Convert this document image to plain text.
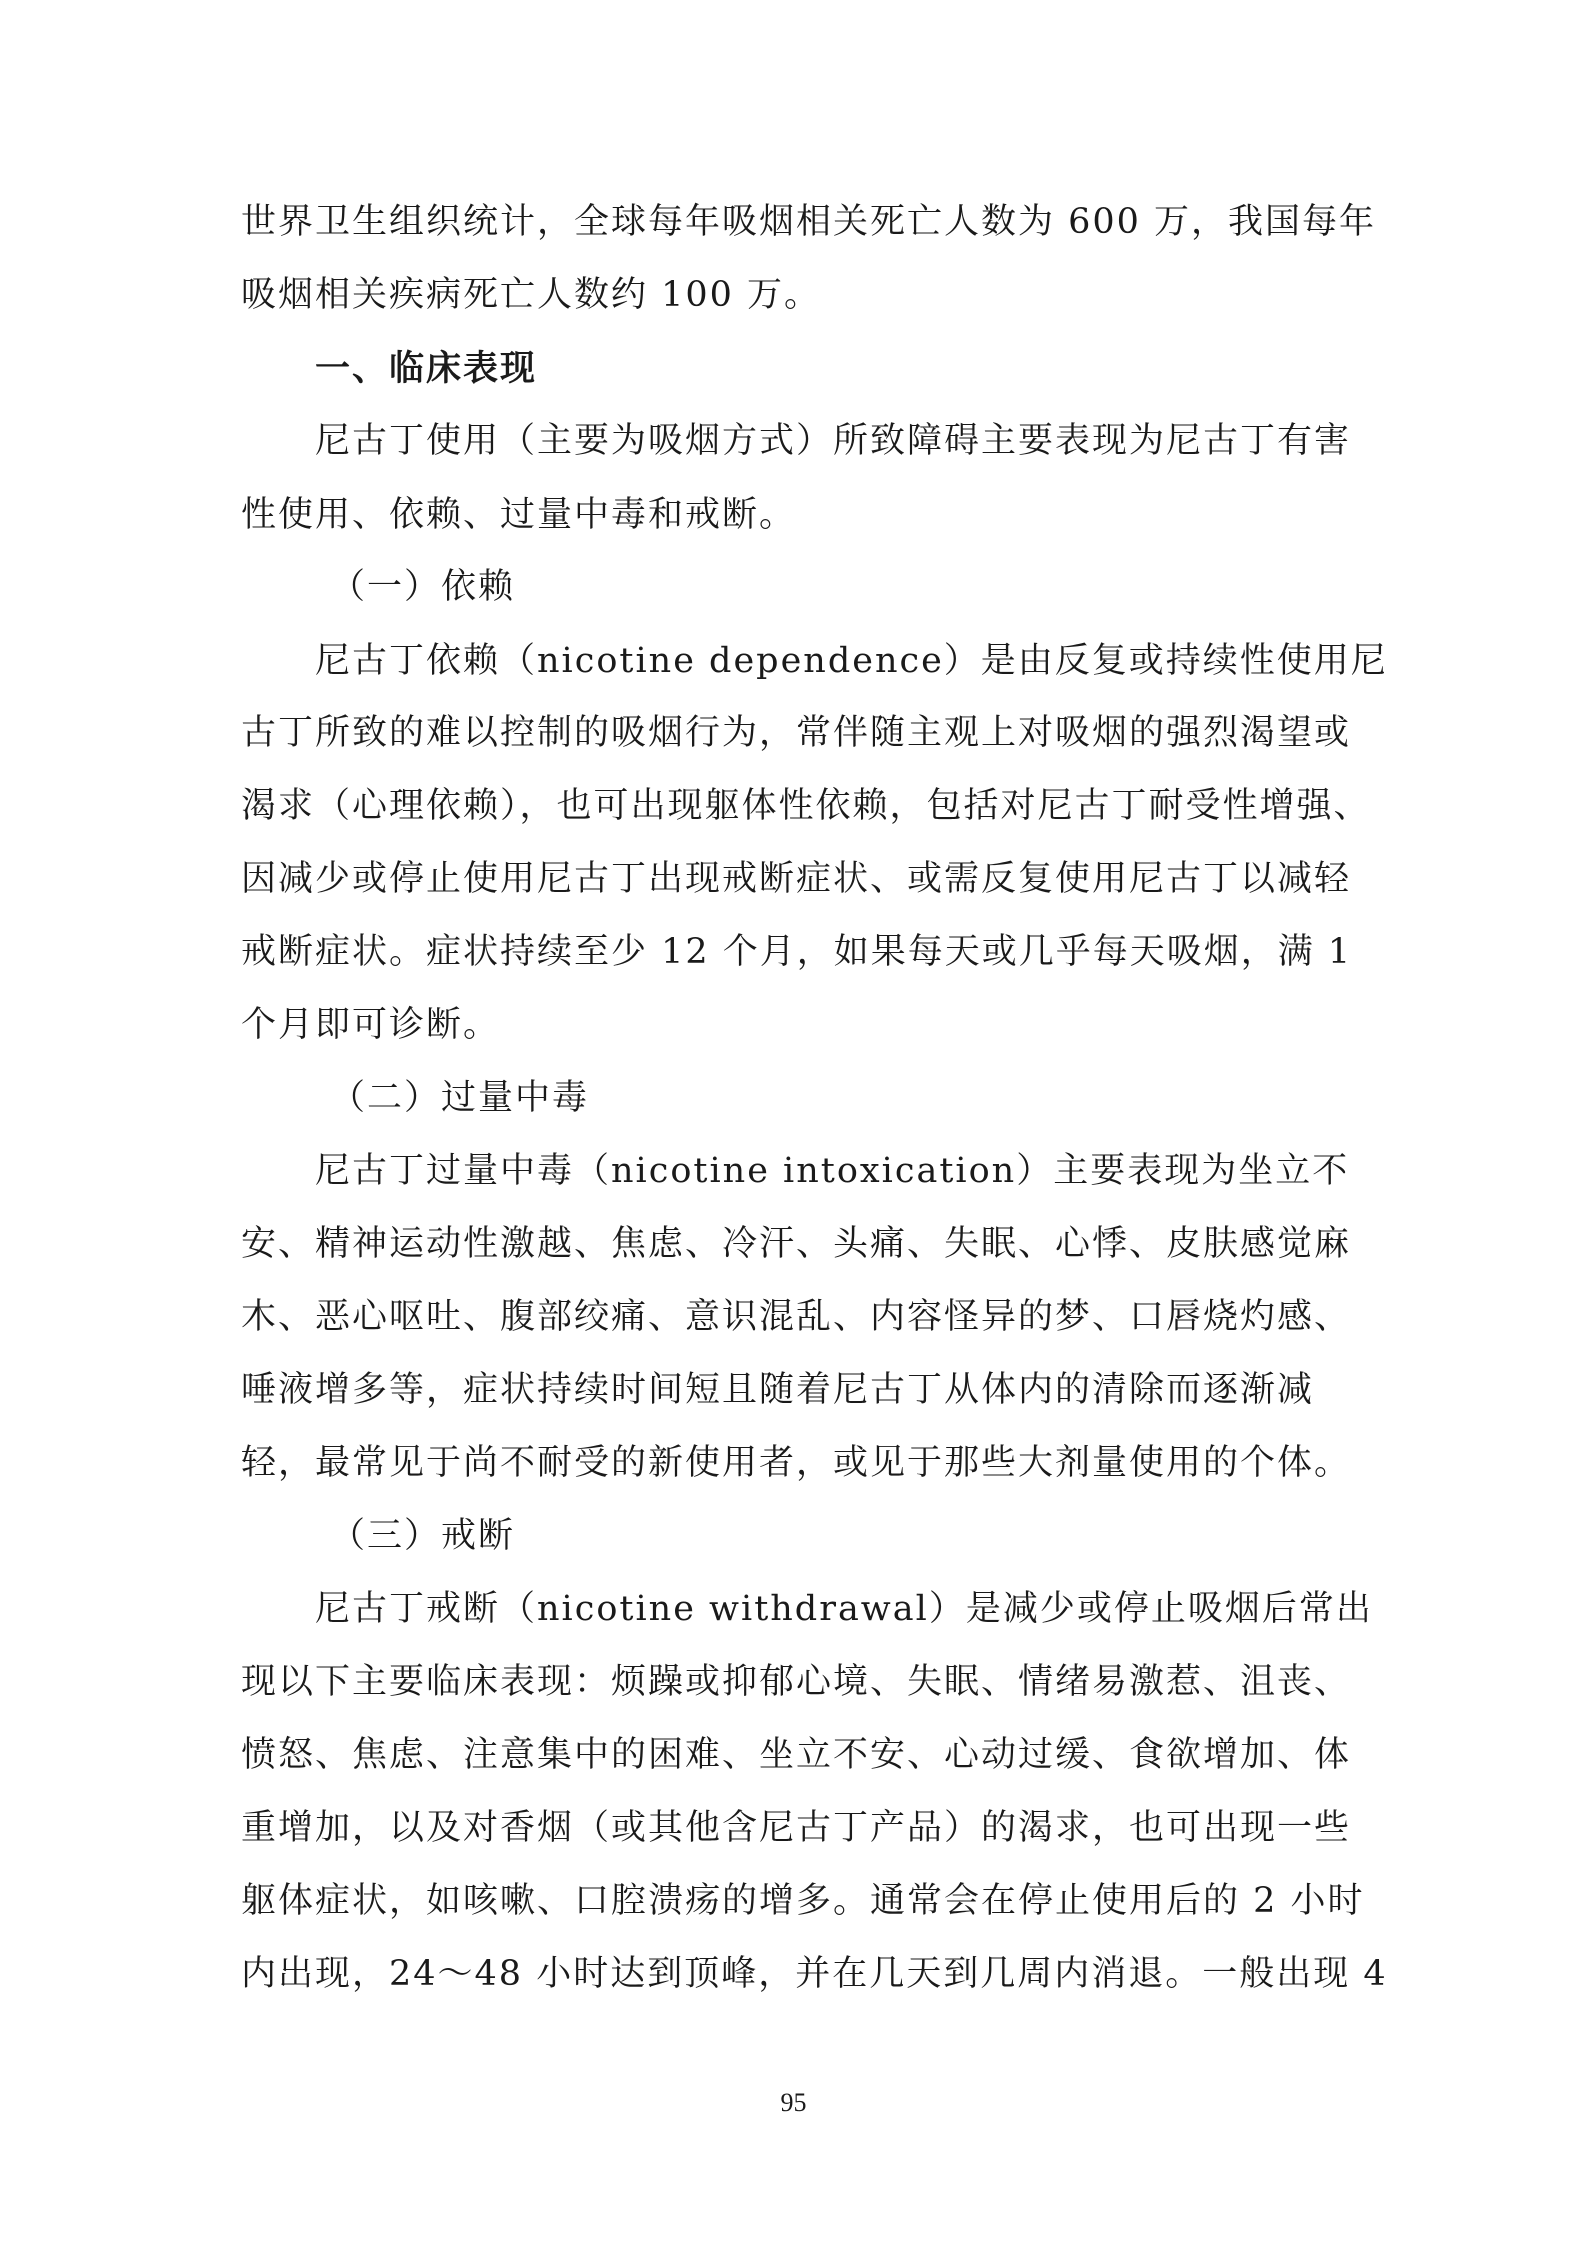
世界卫生组织统计，全球每年吸烟相关死亡人数为 600 万，我国每年
吸烟相关疾病死亡人数约 100 万。
一、临床表现
尼古丁使用（主要为吸烟方式）所致障碍主要表现为尼古丁有害
性使用、依赖、过量中毒和戒断。
（一）依赖
尼古丁依赖（nicotine dependence）是由反复或持续性使用尼
古丁所致的难以控制的吸烟行为，常伴随主观上对吸烟的强烈渴望或
渴求（心理依赖），也可出现躯体性依赖，包括对尼古丁耐受性增强、
因减少或停止使用尼古丁出现戒断症状、或需反复使用尼古丁以减轻
戒断症状。症状持续至少 12 个月，如果每天或几乎每天吸烟，满 1
个月即可诊断。
（二）过量中毒
尼古丁过量中毒（nicotine intoxication）主要表现为坐立不
安、精神运动性激越、焦虑、冷汗、头痛、失眠、心悸、皮肤感觉麻
木、恶心呕吐、腹部绞痛、意识混乱、内容怪异的梦、口唇烧灼感、
唾液增多等，症状持续时间短且随着尼古丁从体内的清除而逐渐减
轻，最常见于尚不耐受的新使用者，或见于那些大剂量使用的个体。
（三）戒断
尼古丁戒断（nicotine withdrawal）是减少或停止吸烟后常出
现以下主要临床表现：烦躁或抑郁心境、失眠、情绪易激惹、沮丧、
愤怒、焦虑、注意集中的困难、坐立不安、心动过缓、食欲增加、体
重增加，以及对香烟（或其他含尼古丁产品）的渴求，也可出现一些
躯体症状，如咳嗽、口腔溃疡的增多。通常会在停止使用后的 2 小时
内出现，24～48 小时达到顶峰，并在几天到几周内消退。一般出现 4
95
